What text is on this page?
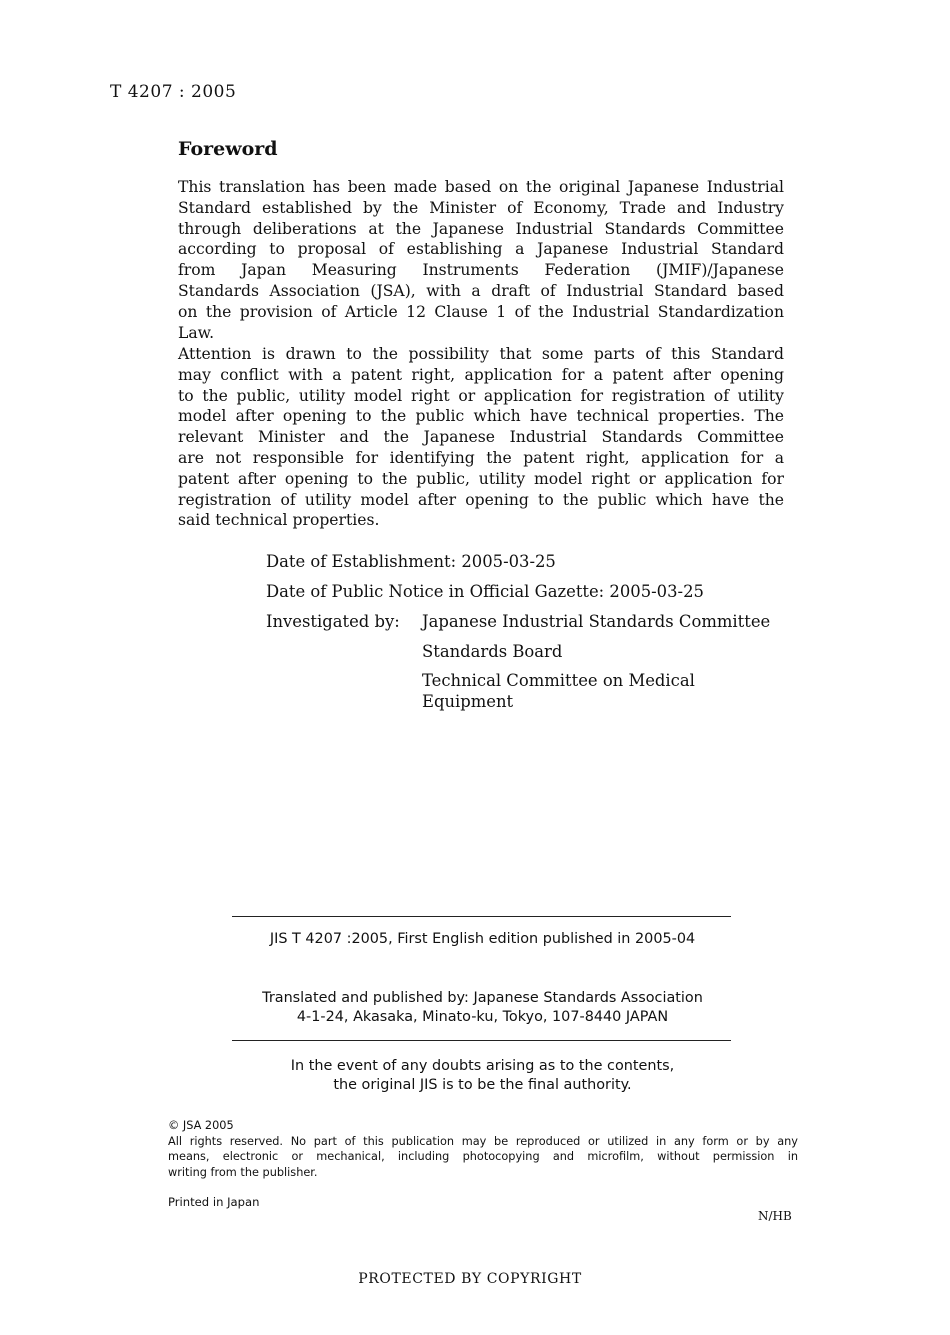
T 4207 : 2005
Foreword
This translation has been made based on the original Japanese Industrial
Standard established by the Minister of Economy, Trade and Industry
through deliberations at the Japanese Industrial Standards Committee
according to proposal of establishing a Japanese Industrial Standard
from Japan Measuring Instruments Federation (JMIF)/Japanese
Standards Association (JSA), with a draft of Industrial Standard based
on the provision of Article 12 Clause 1 of the Industrial Standardization
Law.
Attention is drawn to the possibility that some parts of this Standard
may conflict with a patent right, application for a patent after opening
to the public, utility model right or application for registration of utility
model after opening to the public which have technical properties. The
relevant Minister and the Japanese Industrial Standards Committee
are not responsible for identifying the patent right, application for a
patent after opening to the public, utility model right or application for
registration of utility model after opening to the public which have the
said technical properties.
Date of Establishment: 2005-03-25
Date of Public Notice in Official Gazette: 2005-03-25
Investigated by: Japanese Industrial Standards Committee
Standards Board
Technical Committee on Medical Equipment
JIS T 4207 :2005, First English edition published in 2005-04
Translated and published by: Japanese Standards Association
4-1-24, Akasaka, Minato-ku, Tokyo, 107-8440 JAPAN
In the event of any doubts arising as to the contents,
the original JIS is to be the final authority.
© JSA 2005
All rights reserved. No part of this publication may be reproduced or utilized in any form or by any
means, electronic or mechanical, including photocopying and microfilm, without permission in
writing from the publisher.
Printed in Japan
N/HB
PROTECTED BY COPYRIGHT
